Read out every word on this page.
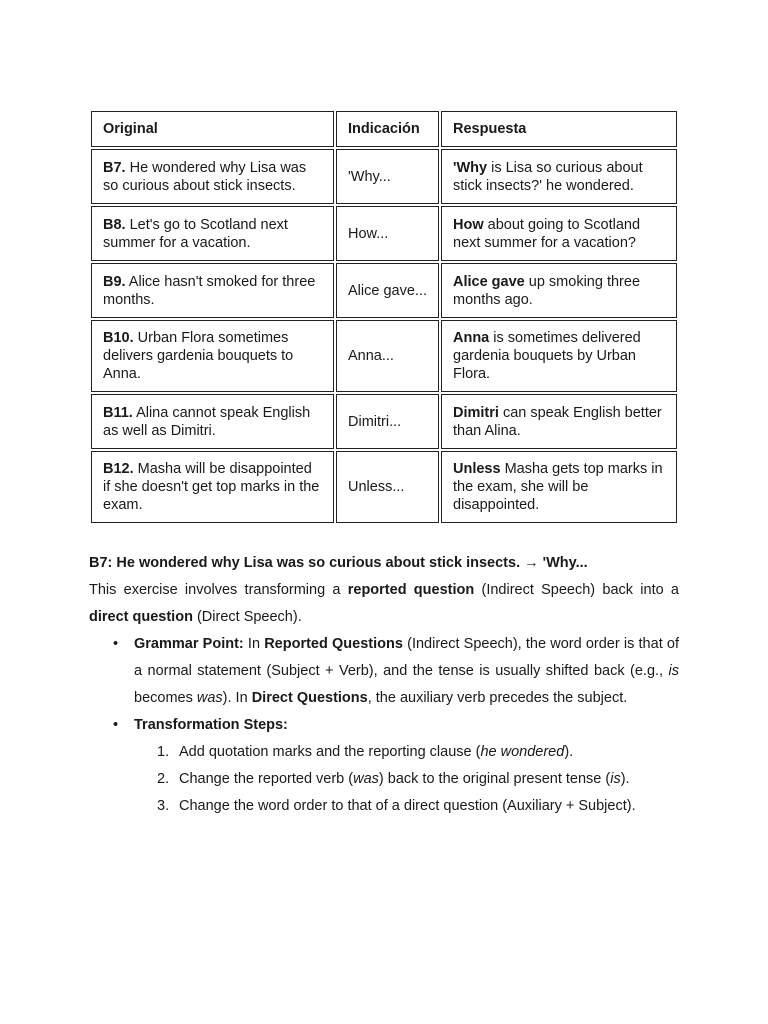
Original	Indicación	Respuesta
B7. He wondered why Lisa was so curious about stick insects.	'Why...	'Why is Lisa so curious about stick insects?' he wondered.
B8. Let's go to Scotland next summer for a vacation.	How...	How about going to Scotland next summer for a vacation?
B9. Alice hasn't smoked for three months.	Alice gave...	Alice gave up smoking three months ago.
B10. Urban Flora sometimes delivers gardenia bouquets to Anna.	Anna...	Anna is sometimes delivered gardenia bouquets by Urban Flora.
B11. Alina cannot speak English as well as Dimitri.	Dimitri...	Dimitri can speak English better than Alina.
B12. Masha will be disappointed if she doesn't get top marks in the exam.	Unless...	Unless Masha gets top marks in the exam, she will be disappointed.

B7: He wondered why Lisa was so curious about stick insects. → 'Why...

This exercise involves transforming a reported question (Indirect Speech) back into a direct question (Direct Speech).

• Grammar Point: In Reported Questions (Indirect Speech), the word order is that of a normal statement (Subject + Verb), and the tense is usually shifted back (e.g., is becomes was). In Direct Questions, the auxiliary verb precedes the subject.
• Transformation Steps:
1. Add quotation marks and the reporting clause (he wondered).
2. Change the reported verb (was) back to the original present tense (is).
3. Change the word order to that of a direct question (Auxiliary + Subject).
